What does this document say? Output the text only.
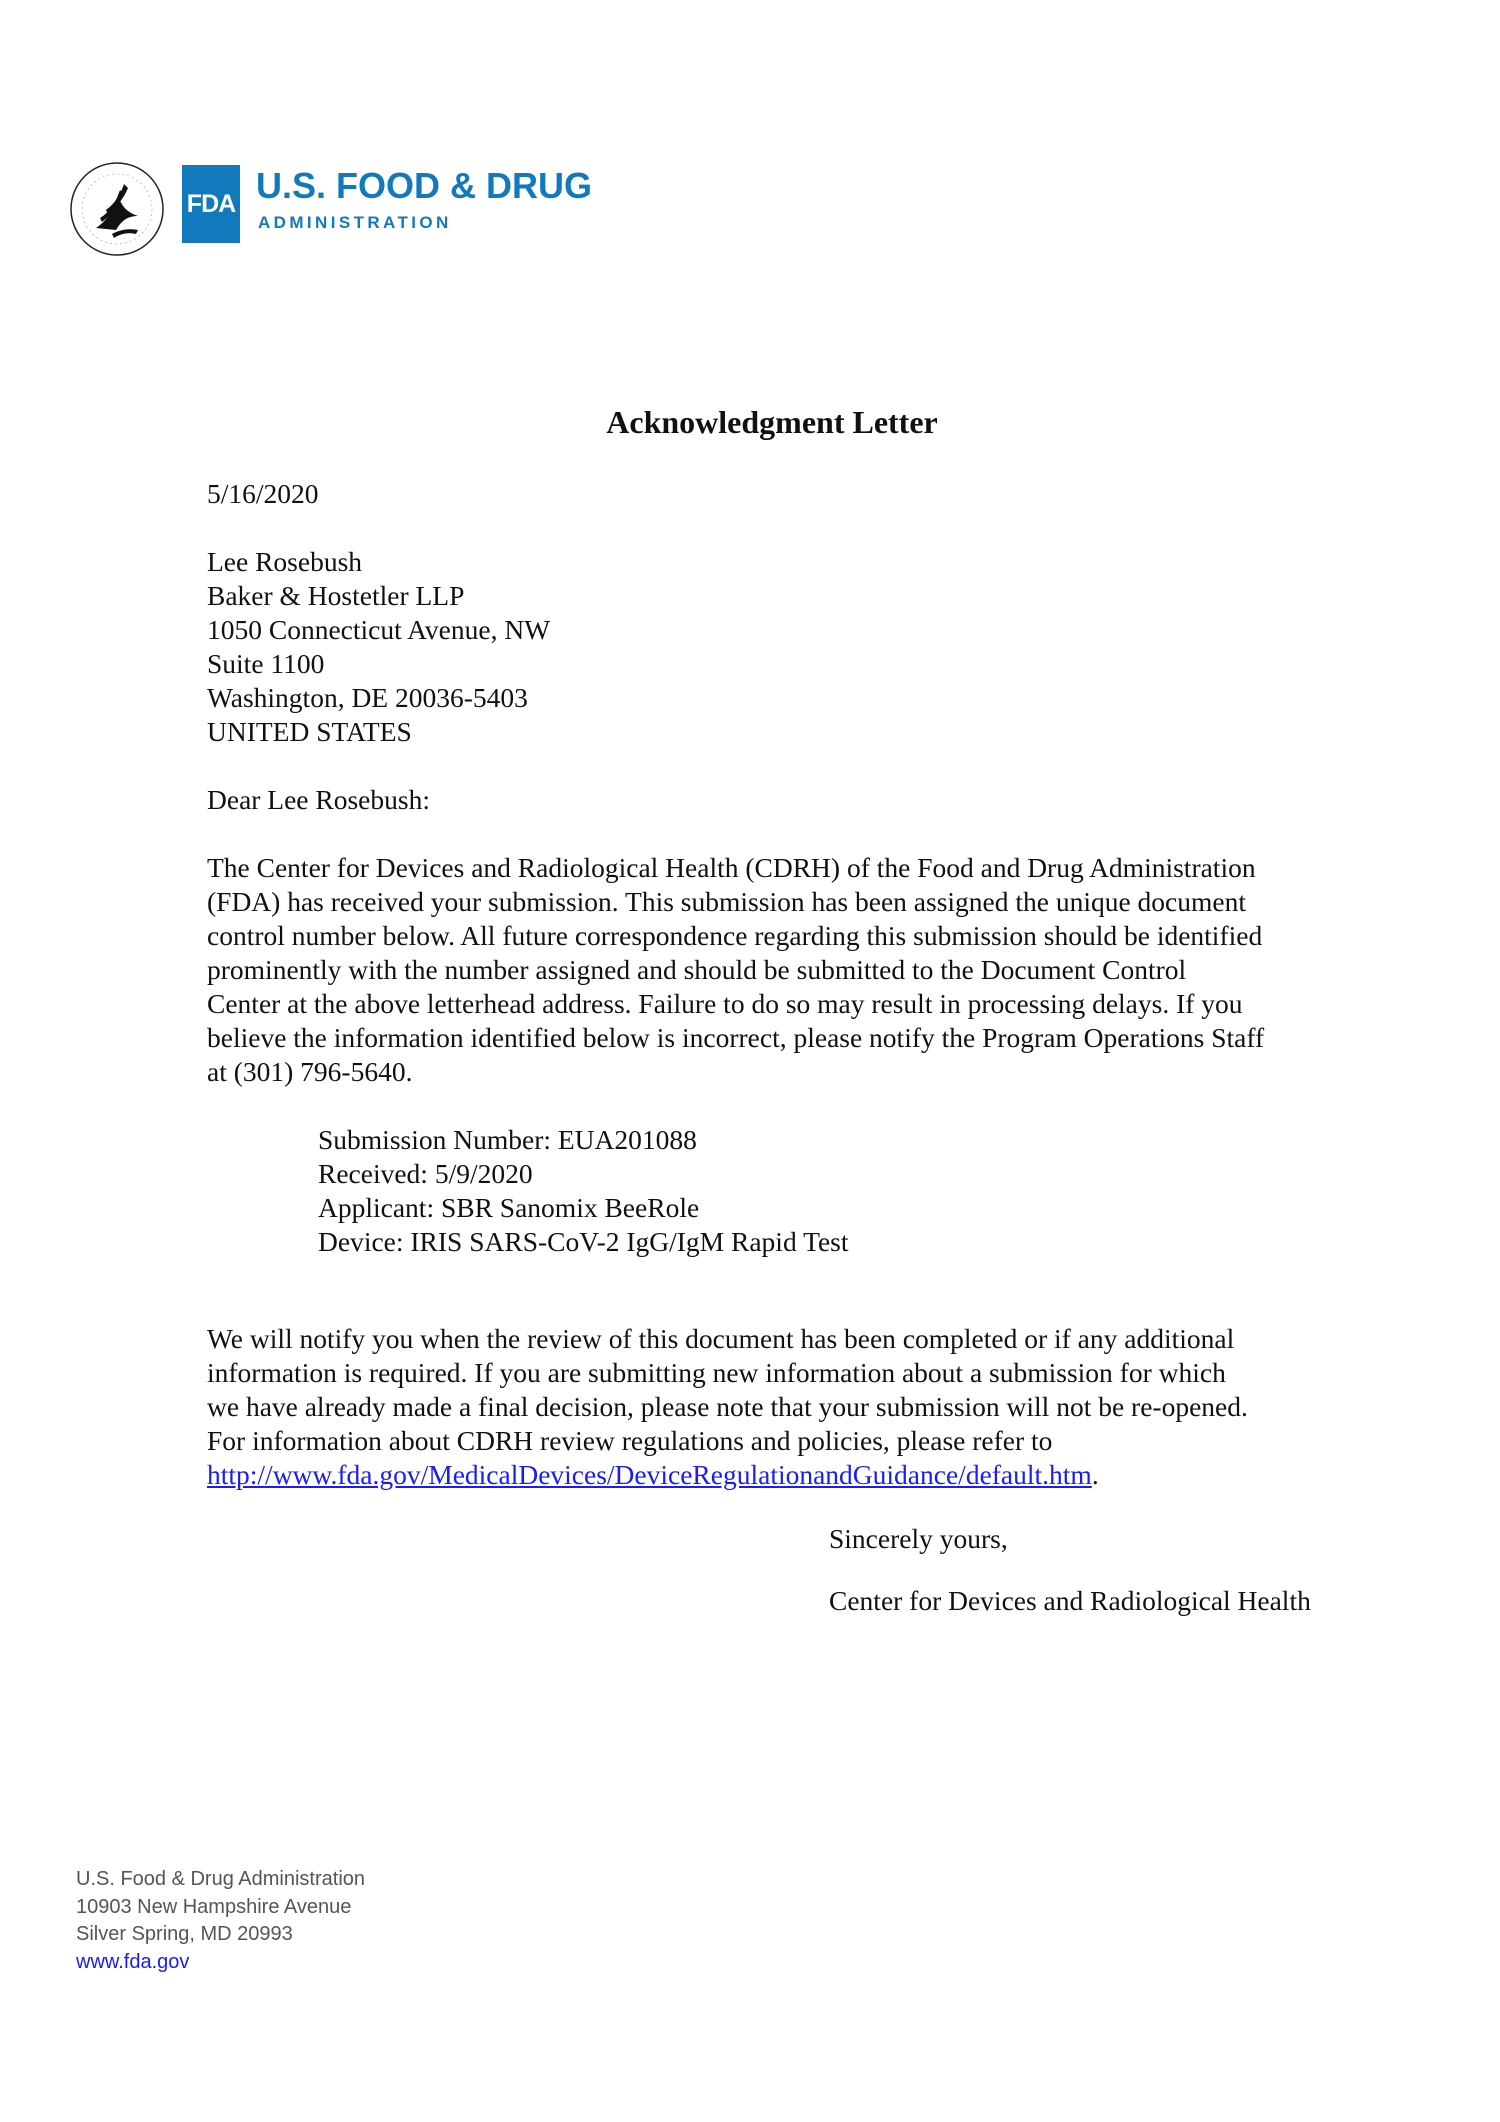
FDA U.S. FOOD & DRUG
ADMINISTRATION
Acknowledgment Letter
5/16/2020

Lee Rosebush

Baker & Hostetler LLP

1050 Connecticut Avenue, NW

Suite 1100

Washington, DE 20036-5403

UNITED STATES

Dear Lee Rosebush:

The Center for Devices and Radiological Health (CDRH) of the Food and Drug Administration

(FDA) has received your submission. This submission has been assigned the unique document

control number below. All future correspondence regarding this submission should be identified

prominently with the number assigned and should be submitted to the Document Control

Center at the above letterhead address. Failure to do so may result in processing delays. If you

believe the information identified below is incorrect, please notify the Program Operations Staff

at (301) 796-5640.

Submission Number: EUA201088

Received: 5/9/2020

Applicant: SBR Sanomix BeeRole

Device: IRIS SARS-CoV-2 IgG/IgM Rapid Test

We will notify you when the review of this document has been completed or if any additional

information is required. If you are submitting new information about a submission for which

we have already made a final decision, please note that your submission will not be re-opened.

For information about CDRH review regulations and policies, please refer to

http://www.fda.gov/MedicalDevices/DeviceRegulationandGuidance/default.htm.

Sincerely yours,
Center for Devices and Radiological Health
U.S. Food & Drug Administration
10903 New Hampshire Avenue
Silver Spring, MD 20993
www.fda.gov
